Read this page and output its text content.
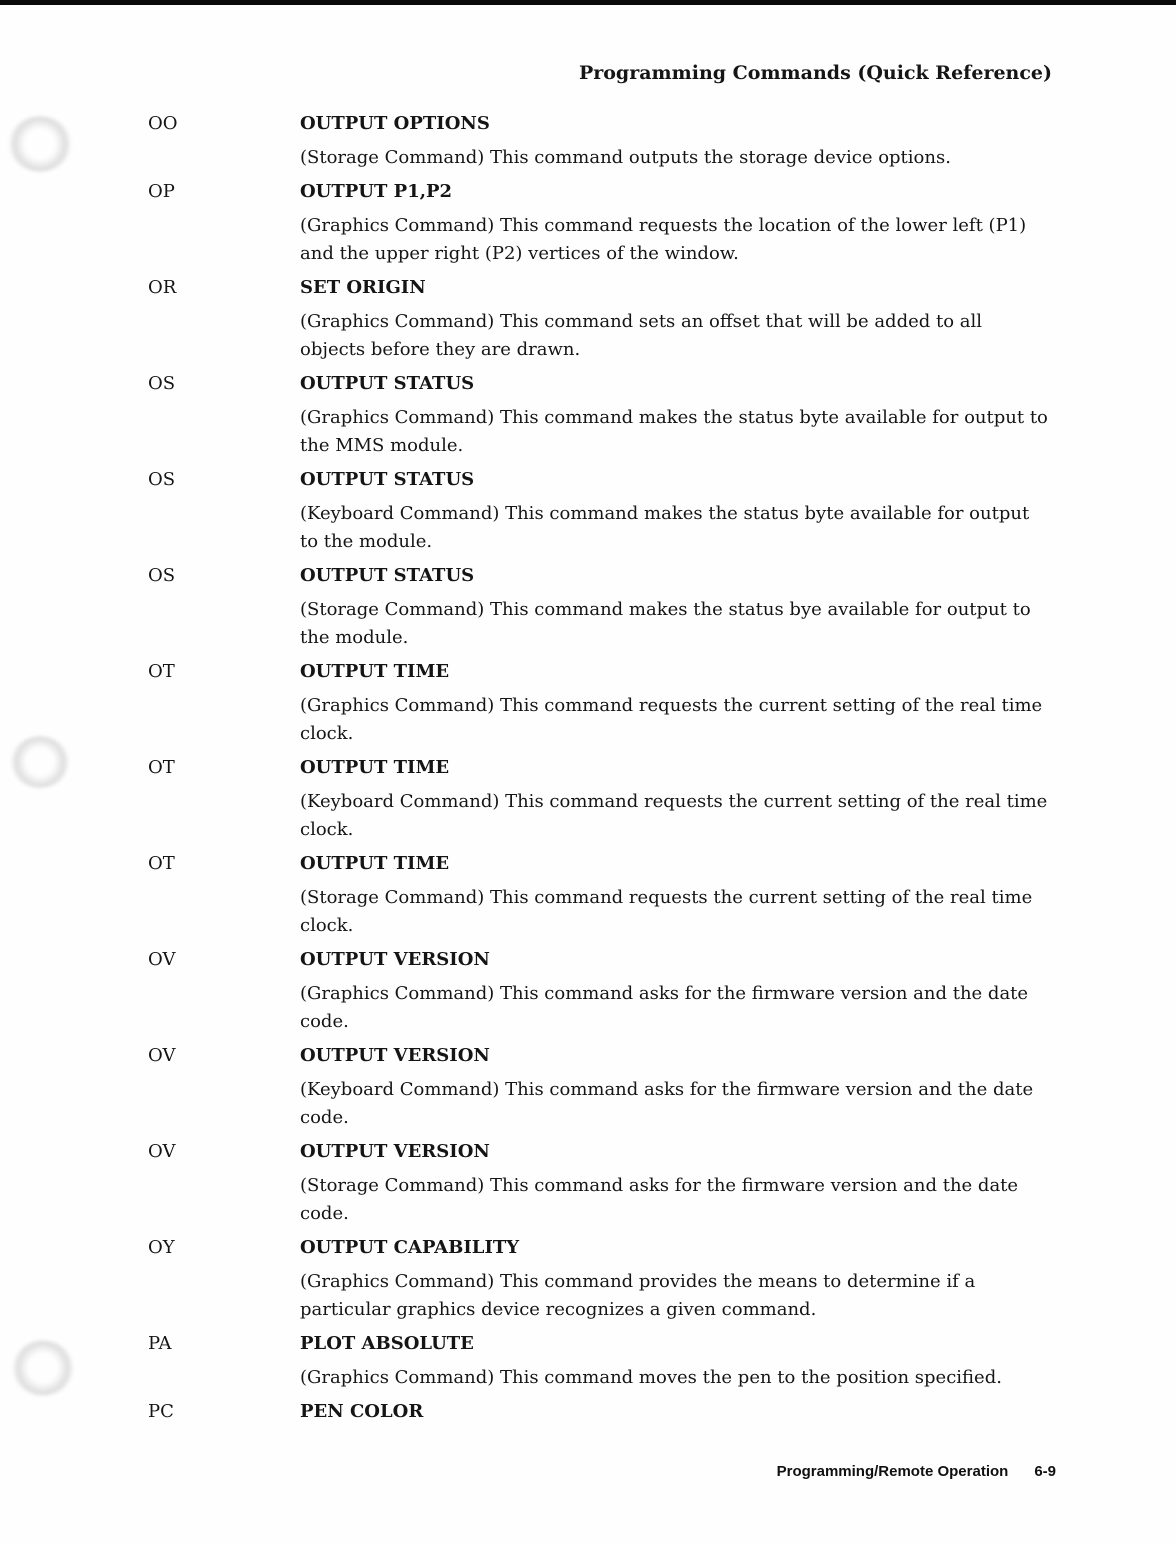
Programming Commands (Quick Reference)
OO	OUTPUT OPTIONS
(Storage Command) This command outputs the storage device options.
OP	OUTPUT P1,P2
(Graphics Command) This command requests the location of the lower left (P1) and the upper right (P2) vertices of the window.
OR	SET ORIGIN
(Graphics Command) This command sets an offset that will be added to all objects before they are drawn.
OS	OUTPUT STATUS
(Graphics Command) This command makes the status byte available for output to the MMS module.
OS	OUTPUT STATUS
(Keyboard Command) This command makes the status byte available for output to the module.
OS	OUTPUT STATUS
(Storage Command) This command makes the status bye available for output to the module.
OT	OUTPUT TIME
(Graphics Command) This command requests the current setting of the real time clock.
OT	OUTPUT TIME
(Keyboard Command) This command requests the current setting of the real time clock.
OT	OUTPUT TIME
(Storage Command) This command requests the current setting of the real time clock.
OV	OUTPUT VERSION
(Graphics Command) This command asks for the firmware version and the date code.
OV	OUTPUT VERSION
(Keyboard Command) This command asks for the firmware version and the date code.
OV	OUTPUT VERSION
(Storage Command) This command asks for the firmware version and the date code.
OY	OUTPUT CAPABILITY
(Graphics Command) This command provides the means to determine if a particular graphics device recognizes a given command.
PA	PLOT ABSOLUTE
(Graphics Command) This command moves the pen to the position specified.
PC	PEN COLOR
Programming/Remote Operation 6-9
